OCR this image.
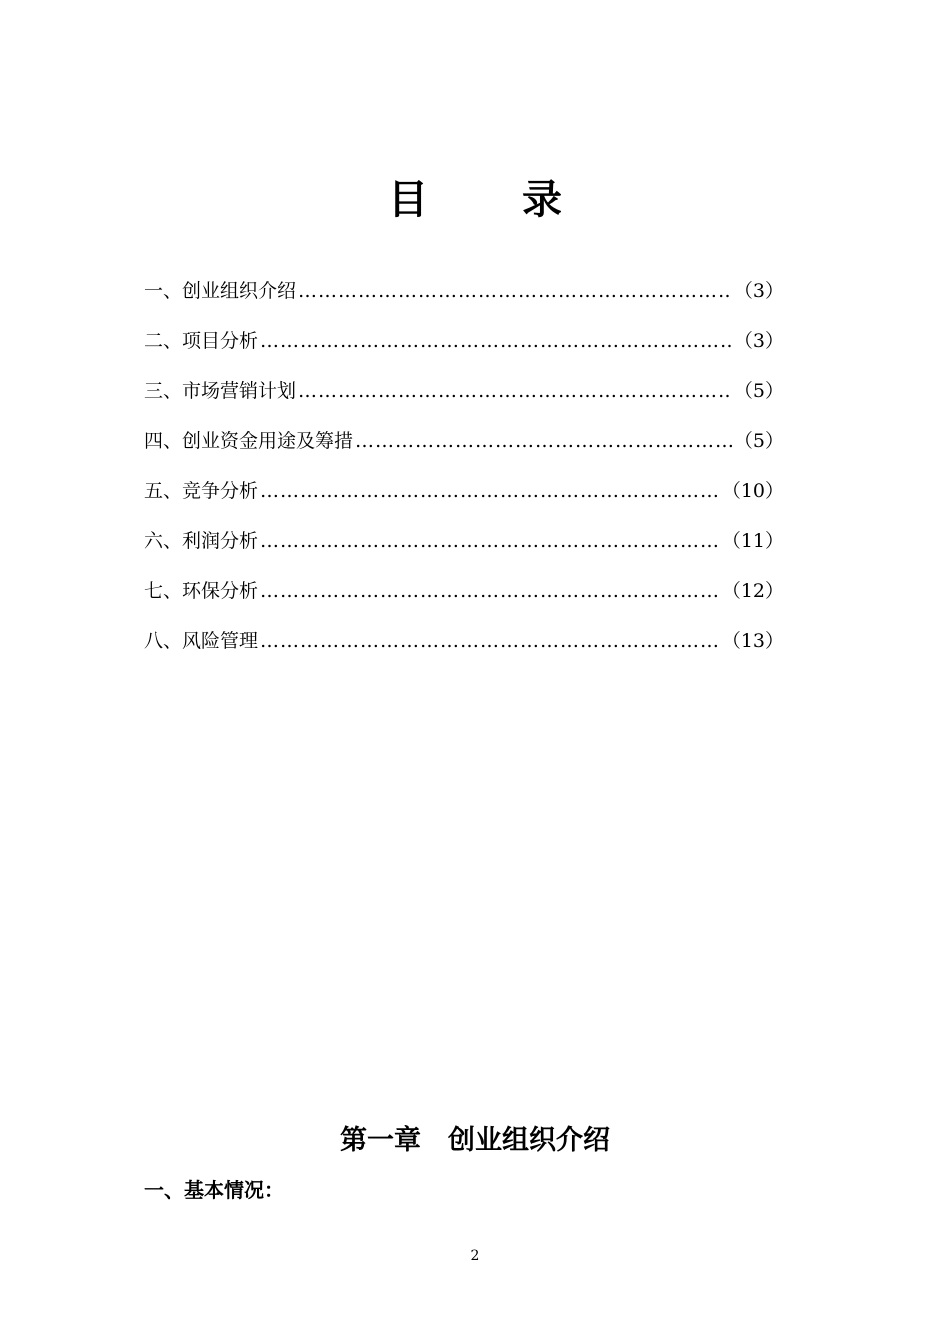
目 录
一、创业组织介绍 ………………………………………………………………………………………………………………………………	（3）
二、项目分析 ………………………………………………………………………………………………………………………………	（3）
三、市场营销计划 ………………………………………………………………………………………………………………………………	（5）
四、创业资金用途及筹措 ………………………………………………………………………………………………………………………………	（5）
五、竞争分析 ………………………………………………………………………………………………………………………………	（10）
六、利润分析 ………………………………………………………………………………………………………………………………	（11）
七、环保分析 ………………………………………………………………………………………………………………………………	（12）
八、风险管理 ………………………………………………………………………………………………………………………………	（13）
第一章　创业组织介绍
一、基本情况：
2
